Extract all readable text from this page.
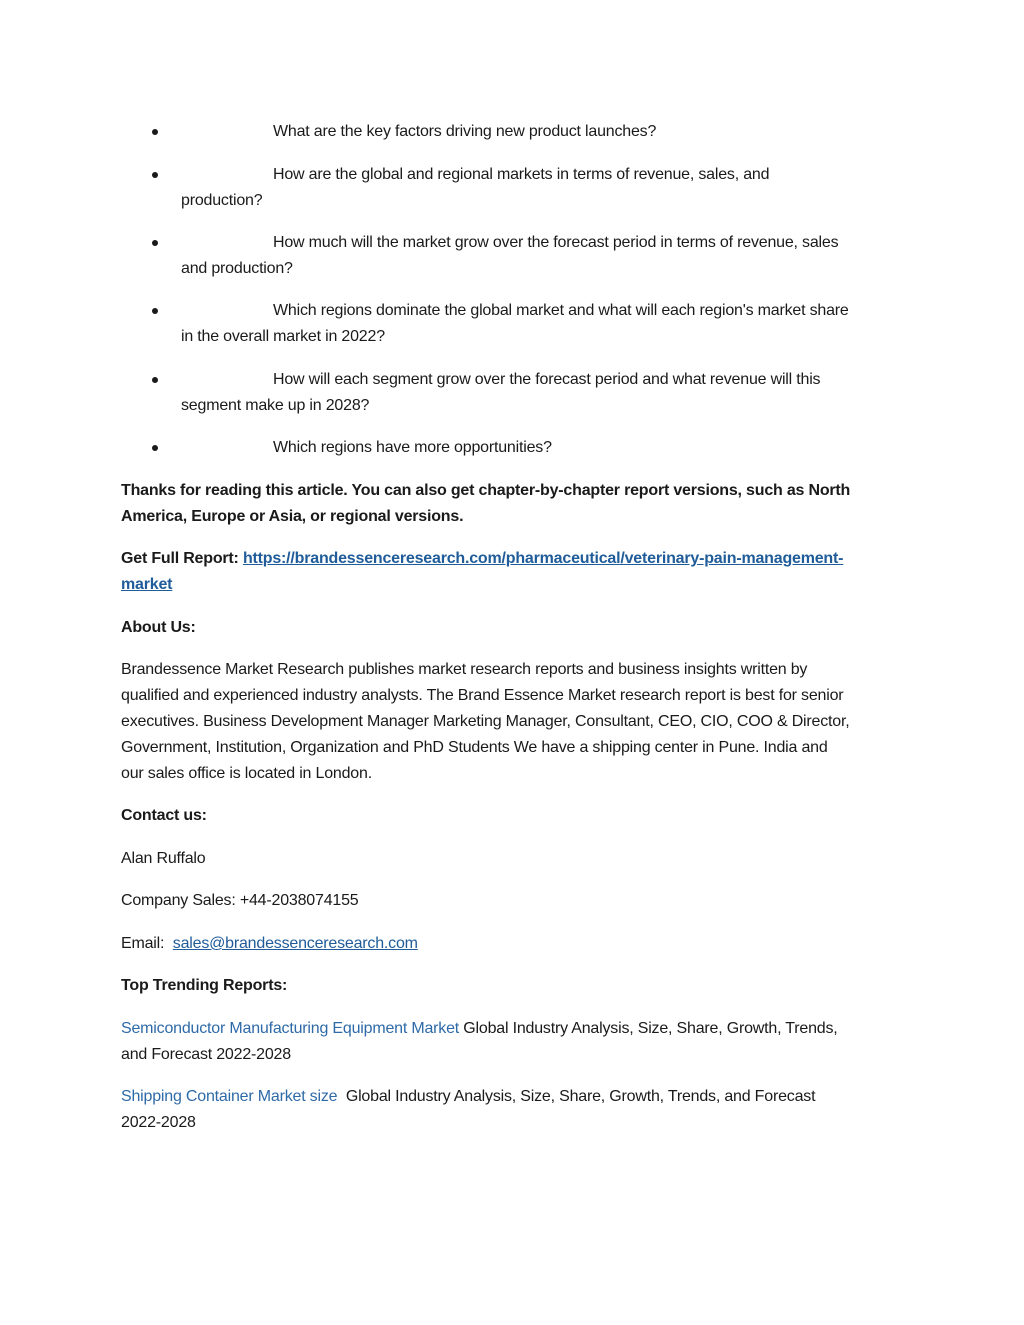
What are the key factors driving new product launches?
How are the global and regional markets in terms of revenue, sales, and
production?
How much will the market grow over the forecast period in terms of revenue, sales
and production?
Which regions dominate the global market and what will each region's market share
in the overall market in 2022?
How will each segment grow over the forecast period and what revenue will this
segment make up in 2028?
Which regions have more opportunities?
Thanks for reading this article. You can also get chapter-by-chapter report versions, such as North
America, Europe or Asia, or regional versions.
Get Full Report: https://brandessenceresearch.com/pharmaceutical/veterinary-pain-management-
market
About Us:
Brandessence Market Research publishes market research reports and business insights written by
qualified and experienced industry analysts. The Brand Essence Market research report is best for senior
executives. Business Development Manager Marketing Manager, Consultant, CEO, CIO, COO & Director,
Government, Institution, Organization and PhD Students We have a shipping center in Pune. India and
our sales office is located in London.
Contact us:
Alan Ruffalo
Company Sales: +44-2038074155
Email: sales@brandessenceresearch.com
Top Trending Reports:
Semiconductor Manufacturing Equipment Market Global Industry Analysis, Size, Share, Growth, Trends,
and Forecast 2022-2028
Shipping Container Market size  Global Industry Analysis, Size, Share, Growth, Trends, and Forecast
2022-2028
